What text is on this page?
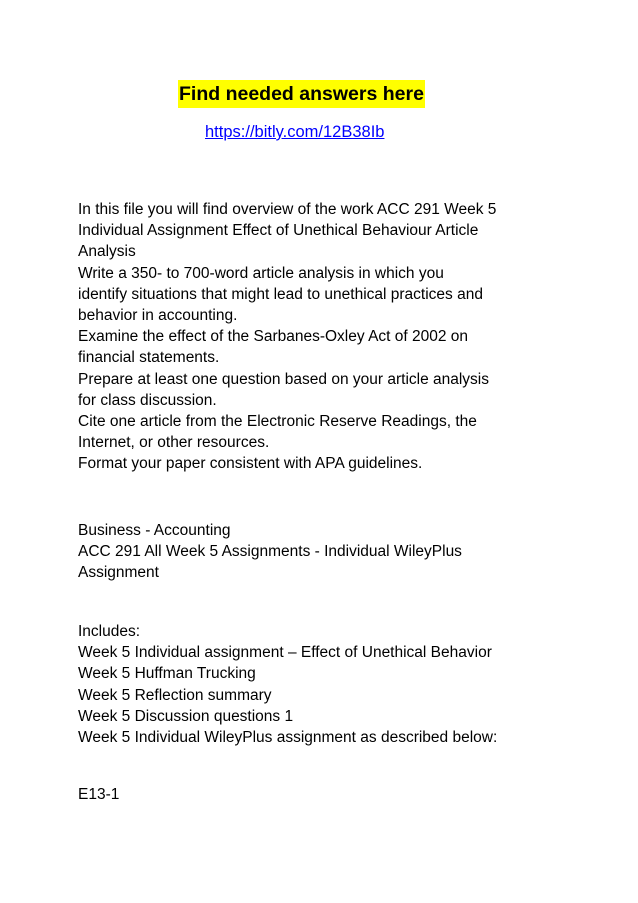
Find needed answers here
https://bitly.com/12B38Ib
In this file you will find overview of the work ACC 291 Week 5
Individual Assignment Effect of Unethical Behaviour Article
Analysis
Write a 350- to 700-word article analysis in which you
identify situations that might lead to unethical practices and
behavior in accounting.
Examine the effect of the Sarbanes-Oxley Act of 2002 on
financial statements.
Prepare at least one question based on your article analysis
for class discussion.
Cite one article from the Electronic Reserve Readings, the
Internet, or other resources.
Format your paper consistent with APA guidelines.
Business - Accounting
ACC 291 All Week 5 Assignments - Individual WileyPlus
Assignment
Includes:
Week 5 Individual assignment – Effect of Unethical Behavior
Week 5 Huffman Trucking
Week 5 Reflection summary
Week 5 Discussion questions 1
Week 5 Individual WileyPlus assignment as described below:
E13-1
